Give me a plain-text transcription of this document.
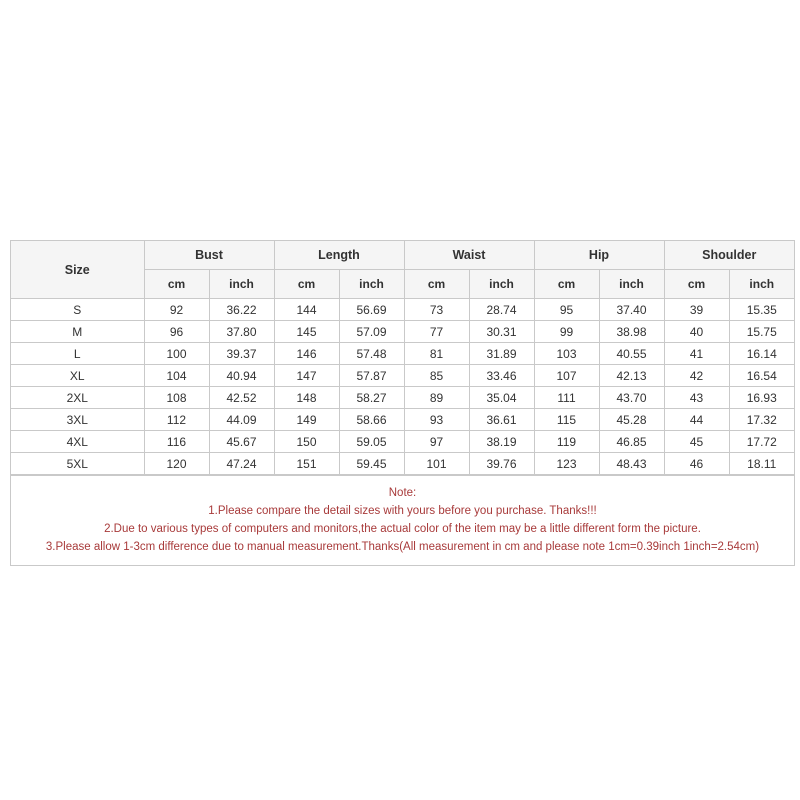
Size	Bust		Length		Waist		Hip		Shoulder	
	cm	inch	cm	inch	cm	inch	cm	inch	cm	inch
S	92	36.22	144	56.69	73	28.74	95	37.40	39	15.35
M	96	37.80	145	57.09	77	30.31	99	38.98	40	15.75
L	100	39.37	146	57.48	81	31.89	103	40.55	41	16.14
XL	104	40.94	147	57.87	85	33.46	107	42.13	42	16.54
2XL	108	42.52	148	58.27	89	35.04	111	43.70	43	16.93
3XL	112	44.09	149	58.66	93	36.61	115	45.28	44	17.32
4XL	116	45.67	150	59.05	97	38.19	119	46.85	45	17.72
5XL	120	47.24	151	59.45	101	39.76	123	48.43	46	18.11
Note:
1.Please compare the detail sizes with yours before you purchase. Thanks!!!
2.Due to various types of computers and monitors,the actual color of the item may be a little different form the picture.
3.Please allow 1-3cm difference due to manual measurement.Thanks(All measurement in cm and please note 1cm=0.39inch 1inch=2.54cm)
